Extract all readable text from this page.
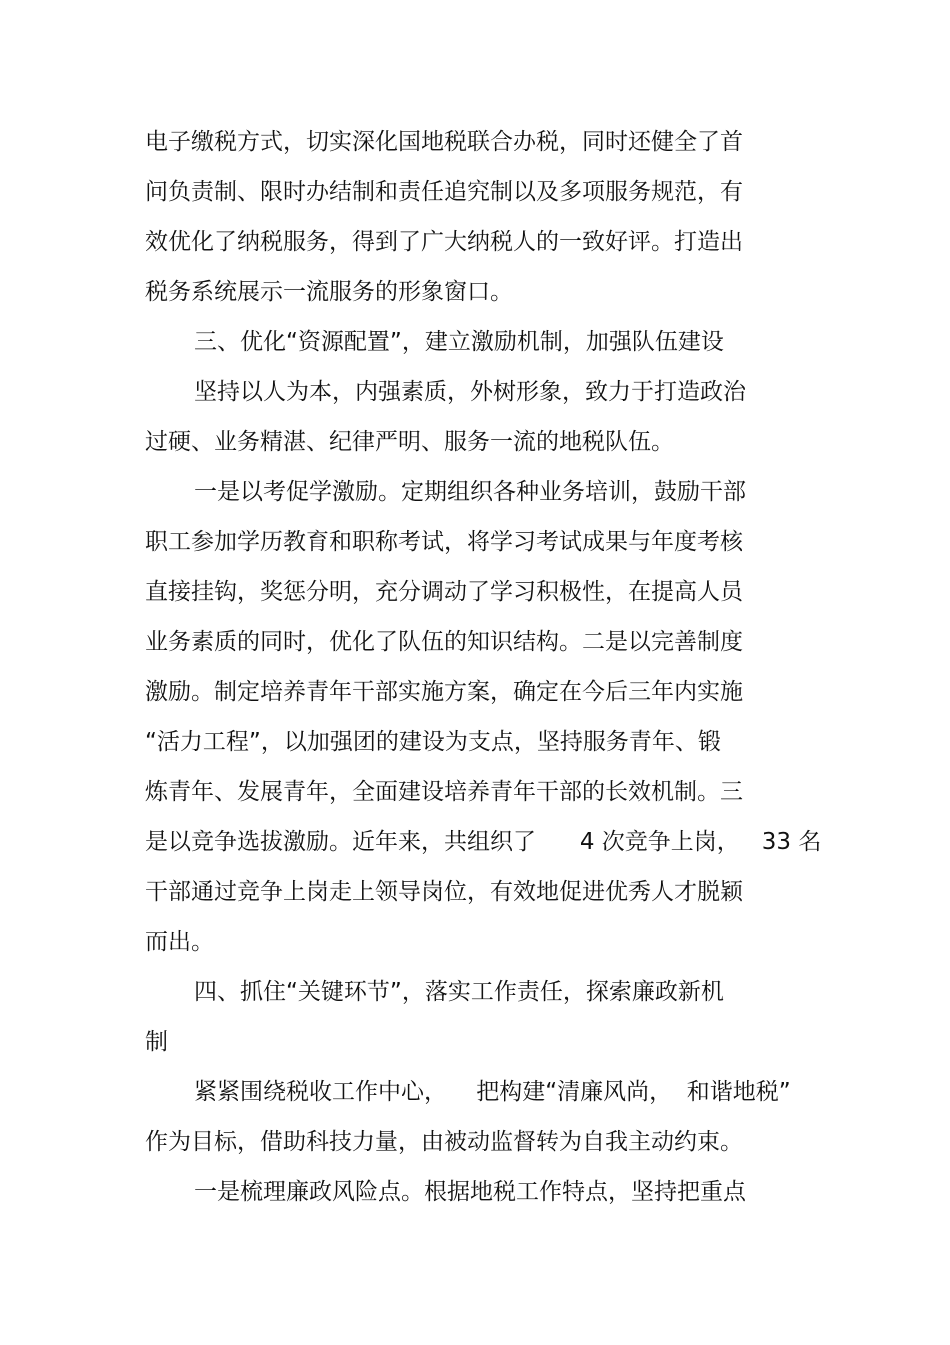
电子缴税方式，切实深化国地税联合办税，同时还健全了首
问负责制、限时办结制和责任追究制以及多项服务规范，有
效优化了纳税服务，得到了广大纳税人的一致好评。打造出
税务系统展示一流服务的形象窗口。
三、优化“资源配置”，建立激励机制，加强队伍建设
坚持以人为本，内强素质，外树形象，致力于打造政治
过硬、业务精湛、纪律严明、服务一流的地税队伍。
一是以考促学激励。定期组织各种业务培训，鼓励干部
职工参加学历教育和职称考试，将学习考试成果与年度考核
直接挂钩，奖惩分明，充分调动了学习积极性，在提高人员
业务素质的同时，优化了队伍的知识结构。二是以完善制度
激励。制定培养青年干部实施方案，确定在今后三年内实施
“活力工程”，以加强团的建设为支点，坚持服务青年、锻
炼青年、发展青年，全面建设培养青年干部的长效机制。三
是以竞争选拔激励。近年来，共组织了      4 次竞争上岗，   33 名
干部通过竞争上岗走上领导岗位，有效地促进优秀人才脱颖
而出。
四、抓住“关键环节”，落实工作责任，探索廉政新机
制
紧紧围绕税收工作中心，    把构建“清廉风尚，  和谐地税”
作为目标，借助科技力量，由被动监督转为自我主动约束。
一是梳理廉政风险点。根据地税工作特点，坚持把重点
